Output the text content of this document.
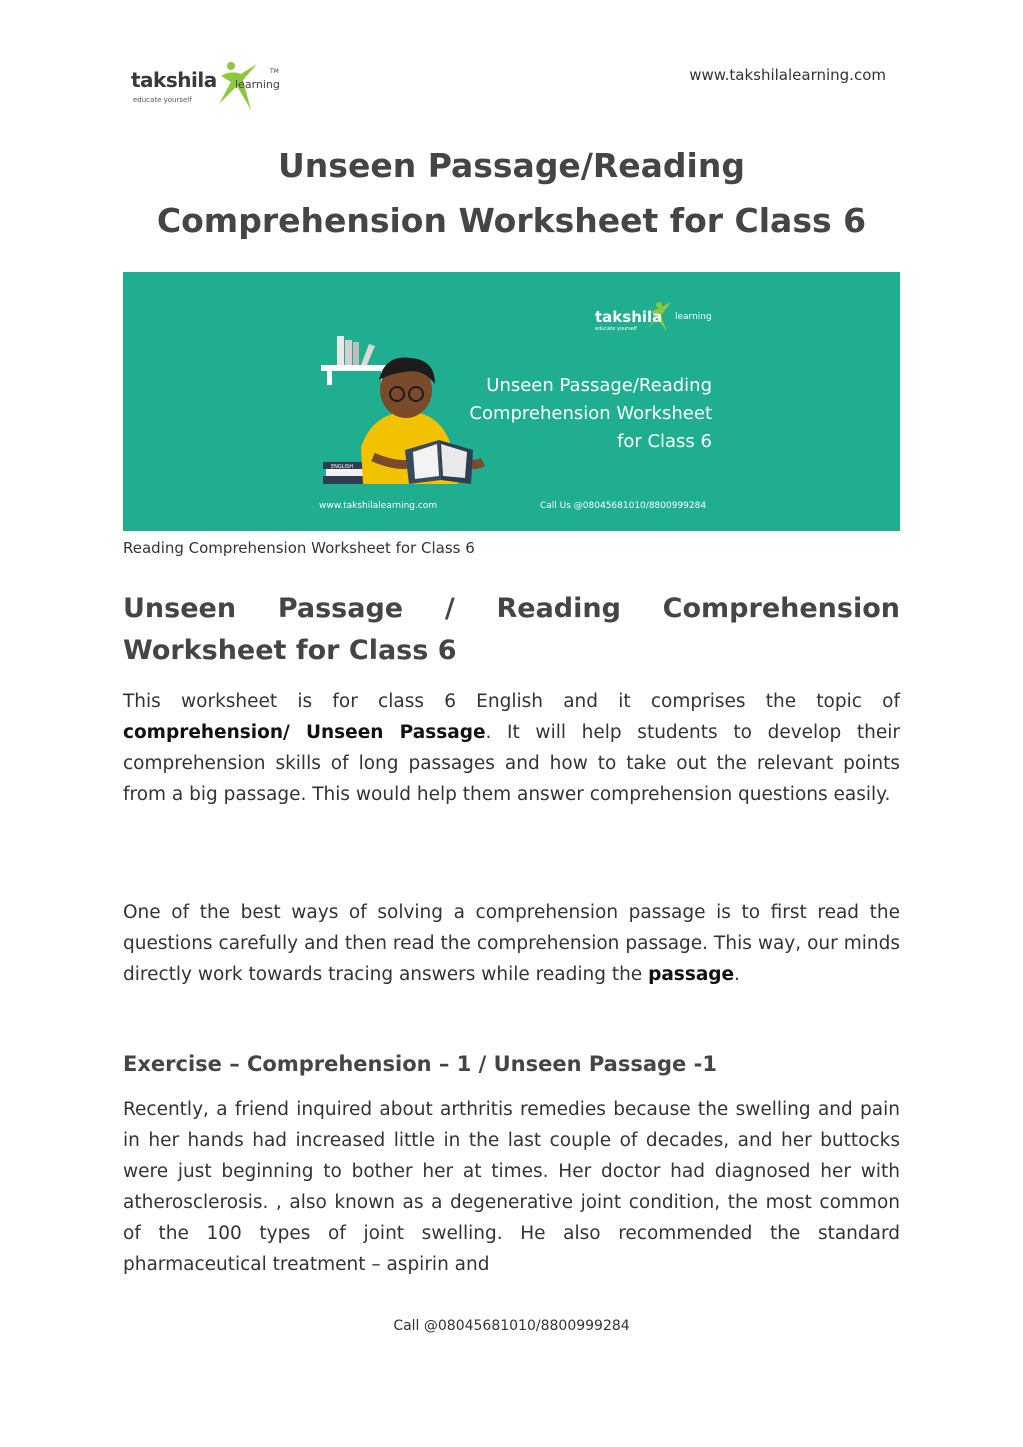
takshila learning
TM
educate yourself
www.takshilalearning.com
Unseen Passage/Reading
Comprehension Worksheet for Class 6
ENGLISH
takshila learning
educate yourself
Unseen Passage/Reading
Comprehension Worksheet
for Class 6
www.takshilalearning.com	Call Us @08045681010/8800999284
Reading Comprehension Worksheet for Class 6
Unseen Passage / Reading Comprehension
Worksheet for Class 6

This worksheet is for class 6 English and it comprises the topic of comprehension/ Unseen Passage. It will help students to develop their comprehension skills of long passages and how to take out the relevant points from a big passage. This would help them answer comprehension questions easily.

One of the best ways of solving a comprehension passage is to first read the questions carefully and then read the comprehension passage. This way, our minds directly work towards tracing answers while reading the passage.

Exercise – Comprehension – 1 / Unseen Passage -1

Recently, a friend inquired about arthritis remedies because the swelling and pain in her hands had increased little in the last couple of decades, and her buttocks were just beginning to bother her at times. Her doctor had diagnosed her with atherosclerosis. , also known as a degenerative joint condition, the most common of the 100 types of joint swelling. He also recommended the standard pharmaceutical treatment – aspirin and

Call @08045681010/8800999284
